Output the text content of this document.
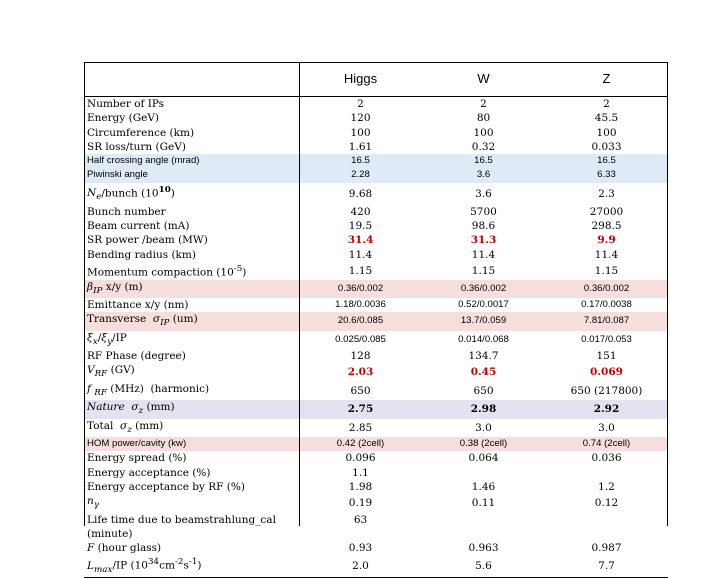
	Higgs	W	Z
Number of IPs	2	2	2
Energy (GeV)	120	80	45.5
Circumference (km)	100	100	100
SR loss/turn (GeV)	1.61	0.32	0.033
Half crossing angle (mrad)	16.5	16.5	16.5
Piwinski angle	2.28	3.6	6.33
$N_e$/bunch $(10^{10})$	9.68	3.6	2.3
Bunch number	420	5700	27000
Beam current (mA)	19.5	98.6	298.5
SR power /beam (MW)	31.4	31.3	9.9
Bending radius (km)	11.4	11.4	11.4
Momentum compaction $(10^{-5})$	1.15	1.15	1.15
$\beta_{IP}$ x/y (m)	0.36/0.002	0.36/0.002	0.36/0.002
Emittance x/y (nm)	1.18/0.0036	0.52/0.0017	0.17/0.0038
Transverse  $\sigma_{IP}$ (um)	20.6/0.085	13.7/0.059	7.81/0.087
$\xi_x/\xi_y/IP$	0.025/0.085	0.014/0.068	0.017/0.053
RF Phase (degree)	128	134.7	151
$V_{RF}$ (GV)	2.03	0.45	0.069
f $_{RF}$ (MHz)  (harmonic)	650	650	650 (217800)
Nature  $\sigma_z$ (mm)	2.75	2.98	2.92
Total  $\sigma_z$ (mm)	2.85	3.0	3.0
HOM power/cavity (kw)	0.42 (2cell)	0.38 (2cell)	0.74 (2cell)
Energy spread (%)	0.096	0.064	0.036
Energy acceptance (%)	1.1		
Energy acceptance by RF (%)	1.98	1.46	1.2
$n_\gamma$	0.19	0.11	0.12
Life time due to beamstrahlung_cal	63		
(minute)			
F (hour glass)	0.93	0.963	0.987
$L_{max}/IP$ $(10^{34}cm^{-2}s^{-1})$	2.0	5.6	7.7
